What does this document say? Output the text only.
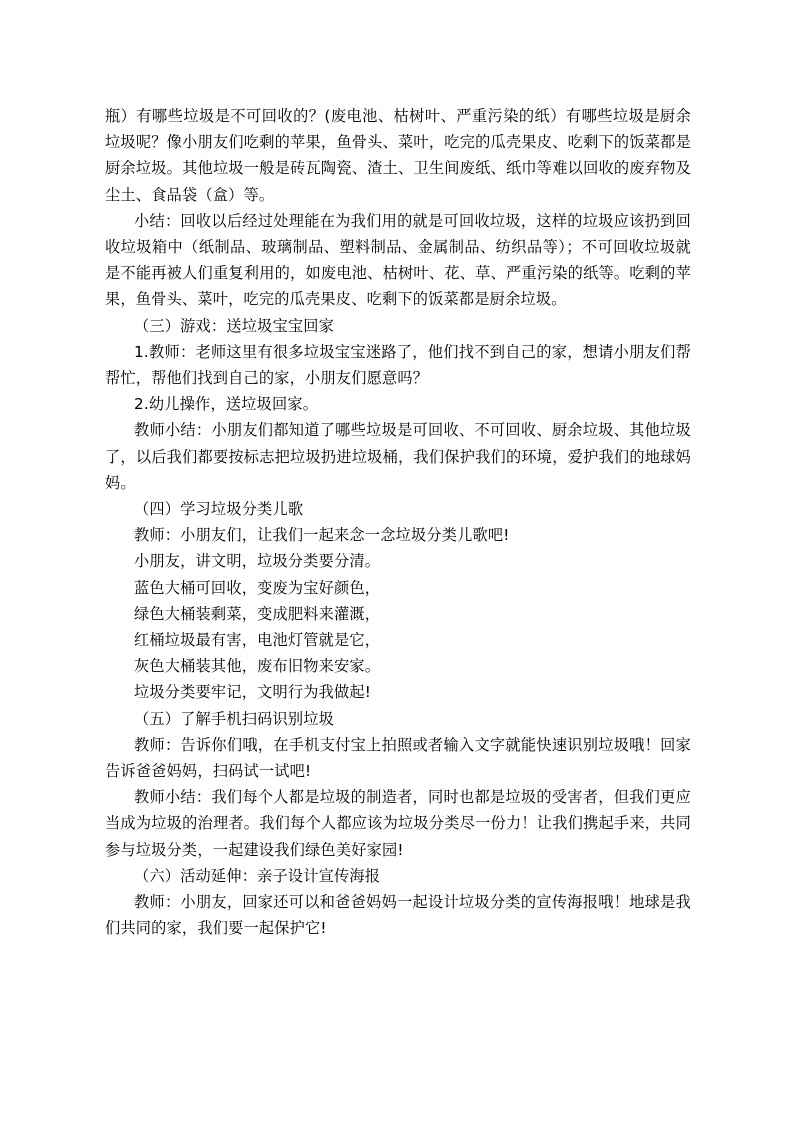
瓶）有哪些垃圾是不可回收的？(废电池、枯树叶、严重污染的纸）有哪些垃圾是厨余垃圾呢？像小朋友们吃剩的苹果，鱼骨头、菜叶，吃完的瓜壳果皮、吃剩下的饭菜都是厨余垃圾。其他垃圾一般是砖瓦陶瓷、渣土、卫生间废纸、纸巾等难以回收的废弃物及尘土、食品袋（盒）等。

小结：回收以后经过处理能在为我们用的就是可回收垃圾，这样的垃圾应该扔到回收垃圾箱中（纸制品、玻璃制品、塑料制品、金属制品、纺织品等）；不可回收垃圾就是不能再被人们重复利用的，如废电池、枯树叶、花、草、严重污染的纸等。吃剩的苹果，鱼骨头、菜叶，吃完的瓜壳果皮、吃剩下的饭菜都是厨余垃圾。

（三）游戏：送垃圾宝宝回家

1.教师：老师这里有很多垃圾宝宝迷路了，他们找不到自己的家，想请小朋友们帮帮忙，帮他们找到自己的家，小朋友们愿意吗？

2.幼儿操作，送垃圾回家。

教师小结：小朋友们都知道了哪些垃圾是可回收、不可回收、厨余垃圾、其他垃圾了，以后我们都要按标志把垃圾扔进垃圾桶，我们保护我们的环境，爱护我们的地球妈妈。

（四）学习垃圾分类儿歌

教师：小朋友们，让我们一起来念一念垃圾分类儿歌吧!

小朋友，讲文明，垃圾分类要分清。

蓝色大桶可回收，变废为宝好颜色，

绿色大桶装剩菜，变成肥料来灌溉，

红桶垃圾最有害，电池灯管就是它，

灰色大桶装其他，废布旧物来安家。

垃圾分类要牢记，文明行为我做起!

（五）了解手机扫码识别垃圾

教师：告诉你们哦，在手机支付宝上拍照或者输入文字就能快速识别垃圾哦！回家告诉爸爸妈妈，扫码试一试吧!

教师小结：我们每个人都是垃圾的制造者，同时也都是垃圾的受害者，但我们更应当成为垃圾的治理者。我们每个人都应该为垃圾分类尽一份力！让我们携起手来，共同参与垃圾分类，一起建设我们绿色美好家园!

（六）活动延伸：亲子设计宣传海报

教师：小朋友，回家还可以和爸爸妈妈一起设计垃圾分类的宣传海报哦！地球是我们共同的家，我们要一起保护它!
